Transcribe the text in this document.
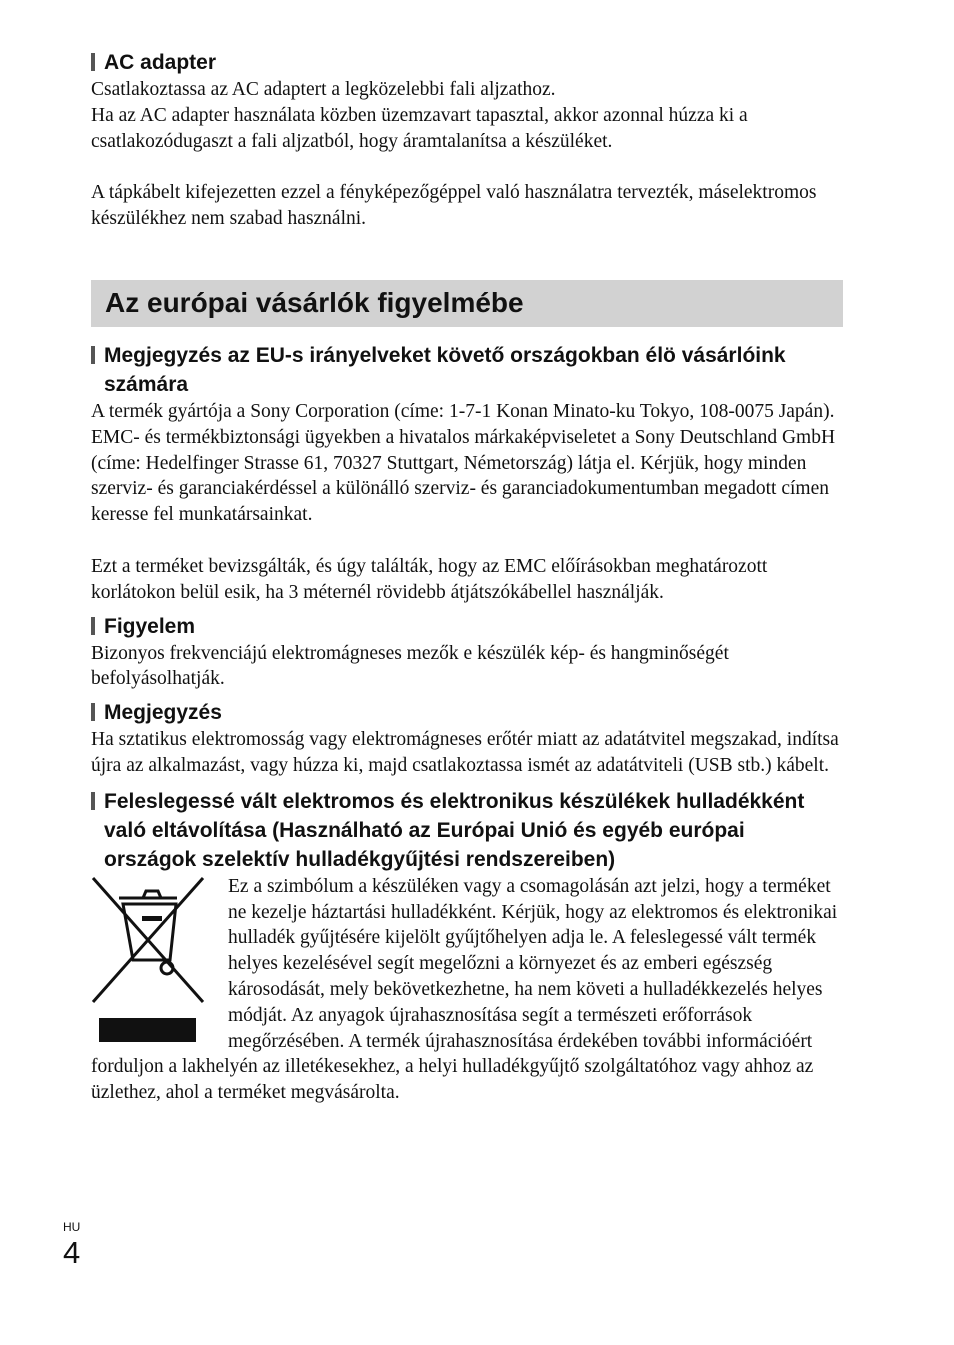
AC adapter

Csatlakoztassa az AC adaptert a legközelebbi fali aljzathoz.
Ha az AC adapter használata közben üzemzavart tapasztal, akkor azonnal húzza ki a csatlakozódugaszt a fali aljzatból, hogy áramtalanítsa a készüléket.

A tápkábelt kifejezetten ezzel a fényképezőgéppel való használatra tervezték, máselektromos készülékhez nem szabad használni.

Az európai vásárlók figyelmébe
Megjegyzés az EU-s irányelveket követő országokban élö vásárlóink számára

A termék gyártója a Sony Corporation (címe: 1-7-1 Konan Minato-ku Tokyo, 108-0075 Japán). EMC- és termékbiztonsági ügyekben a hivatalos márkaképviseletet a Sony Deutschland GmbH (címe: Hedelfinger Strasse 61, 70327 Stuttgart, Németország) látja el. Kérjük, hogy minden szerviz- és garanciakérdéssel a különálló szerviz- és garanciadokumentumban megadott címen keresse fel munkatársainkat.

Ezt a terméket bevizsgálták, és úgy találták, hogy az EMC előírásokban meghatározott korlátokon belül esik, ha 3 méternél rövidebb átjátszókábellel használják.

Figyelem

Bizonyos frekvenciájú elektromágneses mezők e készülék kép- és hangminőségét befolyásolhatják.

Megjegyzés

Ha sztatikus elektromosság vagy elektromágneses erőtér miatt az adatátvitel megszakad, indítsa újra az alkalmazást, vagy húzza ki, majd csatlakoztassa ismét az adatátviteli (USB stb.) kábelt.

Feleslegessé vált elektromos és elektronikus készülékek hulladékként való eltávolítása (Használható az Európai Unió és egyéb európai országok szelektív hulladékgyűjtési rendszereiben)

Ez a szimbólum a készüléken vagy a csomagolásán azt jelzi, hogy a terméket ne kezelje háztartási hulladékként. Kérjük, hogy az elektromos és elektronikai hulladék gyűjtésére kijelölt gyűjtőhelyen adja le. A feleslegessé vált termék helyes kezelésével segít megelőzni a környezet és az emberi egészség károsodását, mely bekövetkezhetne, ha nem követi a hulladékkezelés helyes módját. Az anyagok újrahasznosítása segít a természeti erőforrások megőrzésében. A termék újrahasznosítása érdekében további információért forduljon a lakhelyén az illetékesekhez, a helyi hulladékgyűjtő szolgáltatóhoz vagy ahhoz az üzlethez, ahol a terméket megvásárolta.

HU
4
